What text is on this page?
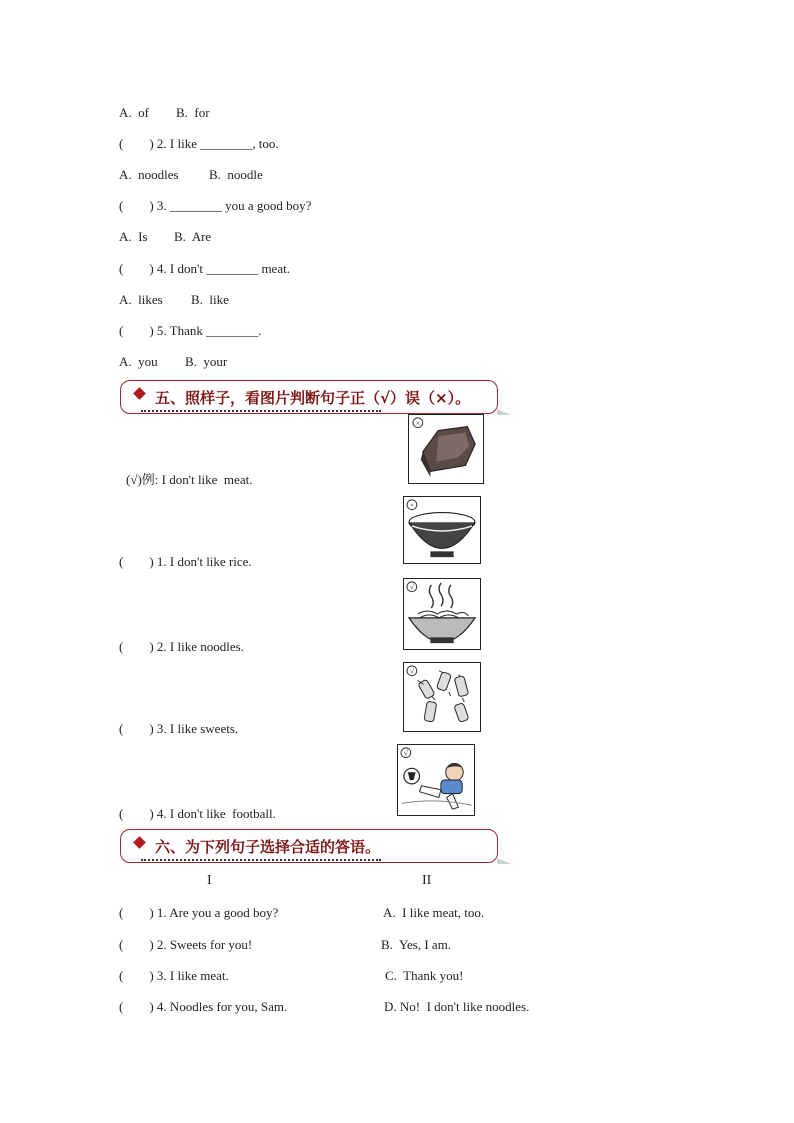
A.  of B.  for
(        ) 2. I like ________, too.
A.  noodles B.  noodle
(        ) 3. ________ you a good boy?
A.  Is B.  Are
(        ) 4. I don't ________ meat.
A.  likes B.  like
(        ) 5. Thank ________.
A.  you B.  your
五、照样子，看图片判断句子正（√）误（×）。
×
(√)例: I don't like  meat.
×
(        ) 1. I don't like rice.
√
(        ) 2. I like noodles.
√
(        ) 3. I like sweets.
√
(        ) 4. I don't like  football.
六、为下列句子选择合适的答语。
I	II
(        ) 1. Are you a good boy?	A.  I like meat, too.
(        ) 2. Sweets for you!	B.  Yes, I am.
(        ) 3. I like meat.	C.  Thank you!
(        ) 4. Noodles for you, Sam.	D. No!  I don't like noodles.
